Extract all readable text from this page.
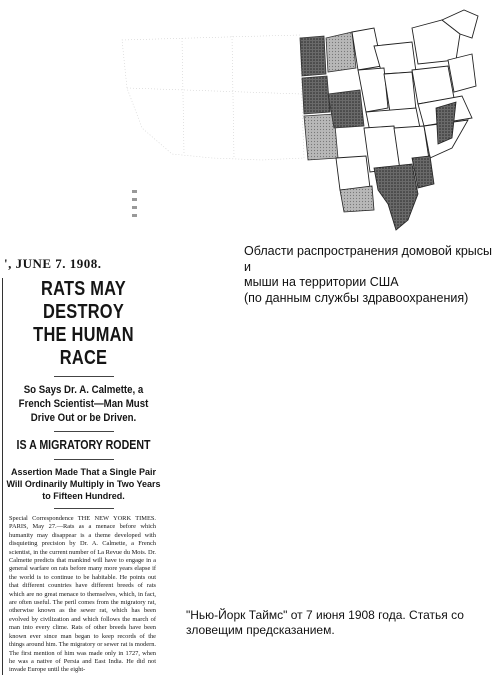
Области распространения домовой крысы и
мыши на территории США
(по данным службы здравоохранения)
', JUNE 7. 1908.
RATS MAY DESTROY
THE HUMAN RACE
So Says Dr. A. Calmette, a French Scientist—Man Must Drive Out or be Driven.
IS A MIGRATORY RODENT
Assertion Made That a Single Pair Will Ordinarily Multiply in Two Years to Fifteen Hundred.
Special Correspondence THE NEW YORK TIMES. PARIS, May 27.—Rats as a menace before which humanity may disappear is a theme developed with disquieting precision by Dr. A. Calmette, a French scientist, in the current number of La Revue du Mois. Dr. Calmette predicts that mankind will have to engage in a general warfare on rats before many more years elapse if the world is to continue to be habitable. He points out that different countries have different breeds of rats which are no great menace to themselves, which, in fact, are often useful. The peril comes from the migratory rat, otherwise known as the sewer rat, which has been evolved by civilization and which follows the march of man into every clime. Rats of other breeds have been known ever since man began to keep records of the things around him. The migratory or sewer rat is modern. The first mention of him was made only in 1727, when he was a native of Persia and East India. He did not invade Europe until the eight-
"Нью-Йорк Таймс" от 7 июня 1908 года. Статья со
зловещим предсказанием.
